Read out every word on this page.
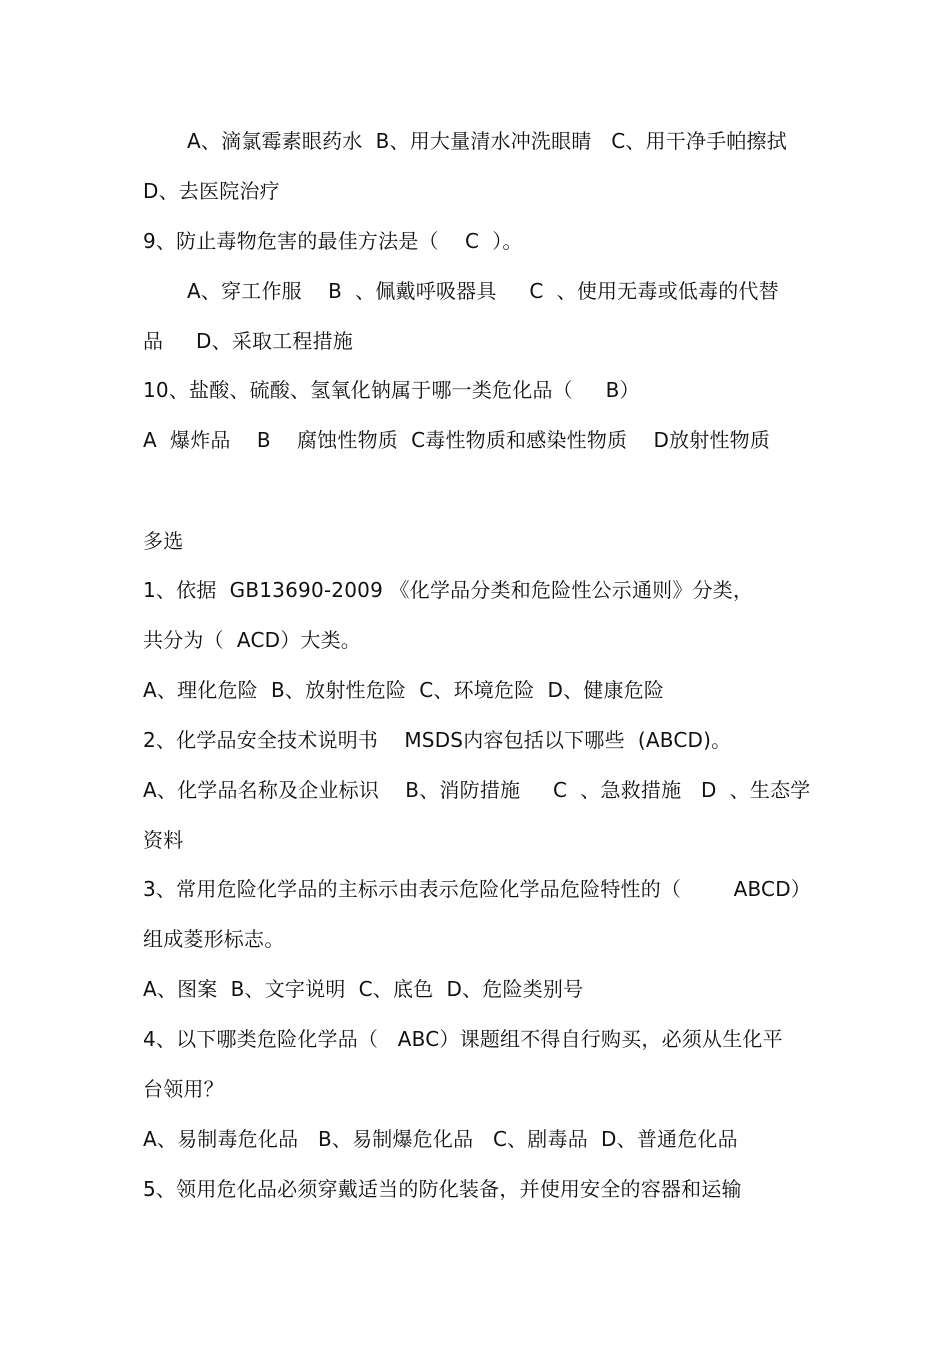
A、滴氯霉素眼药水  B、用大量清水冲洗眼睛   C、用干净手帕擦拭
D、去医院治疗
9、防止毒物危害的最佳方法是（    C  ）。
A、穿工作服    B  、佩戴呼吸器具     C  、使用无毒或低毒的代替
品     D、采取工程措施
10、盐酸、硫酸、氢氧化钠属于哪一类危化品（     B）
A  爆炸品    B    腐蚀性物质  C毒性物质和感染性物质    D放射性物质
多选
1、依据  GB13690-2009 《化学品分类和危险性公示通则》分类，
共分为（  ACD）大类。
A、理化危险  B、放射性危险  C、环境危险  D、健康危险
2、化学品安全技术说明书    MSDS内容包括以下哪些  (ABCD)。
A、化学品名称及企业标识    B、消防措施     C  、急救措施   D  、生态学
资料
3、常用危险化学品的主标示由表示危险化学品危险特性的（        ABCD）
组成菱形标志。
A、图案  B、文字说明  C、底色  D、危险类别号
4、以下哪类危险化学品（   ABC）课题组不得自行购买，必须从生化平
台领用？
A、易制毒危化品   B、易制爆危化品   C、剧毒品  D、普通危化品
5、领用危化品必须穿戴适当的防化装备，并使用安全的容器和运输
